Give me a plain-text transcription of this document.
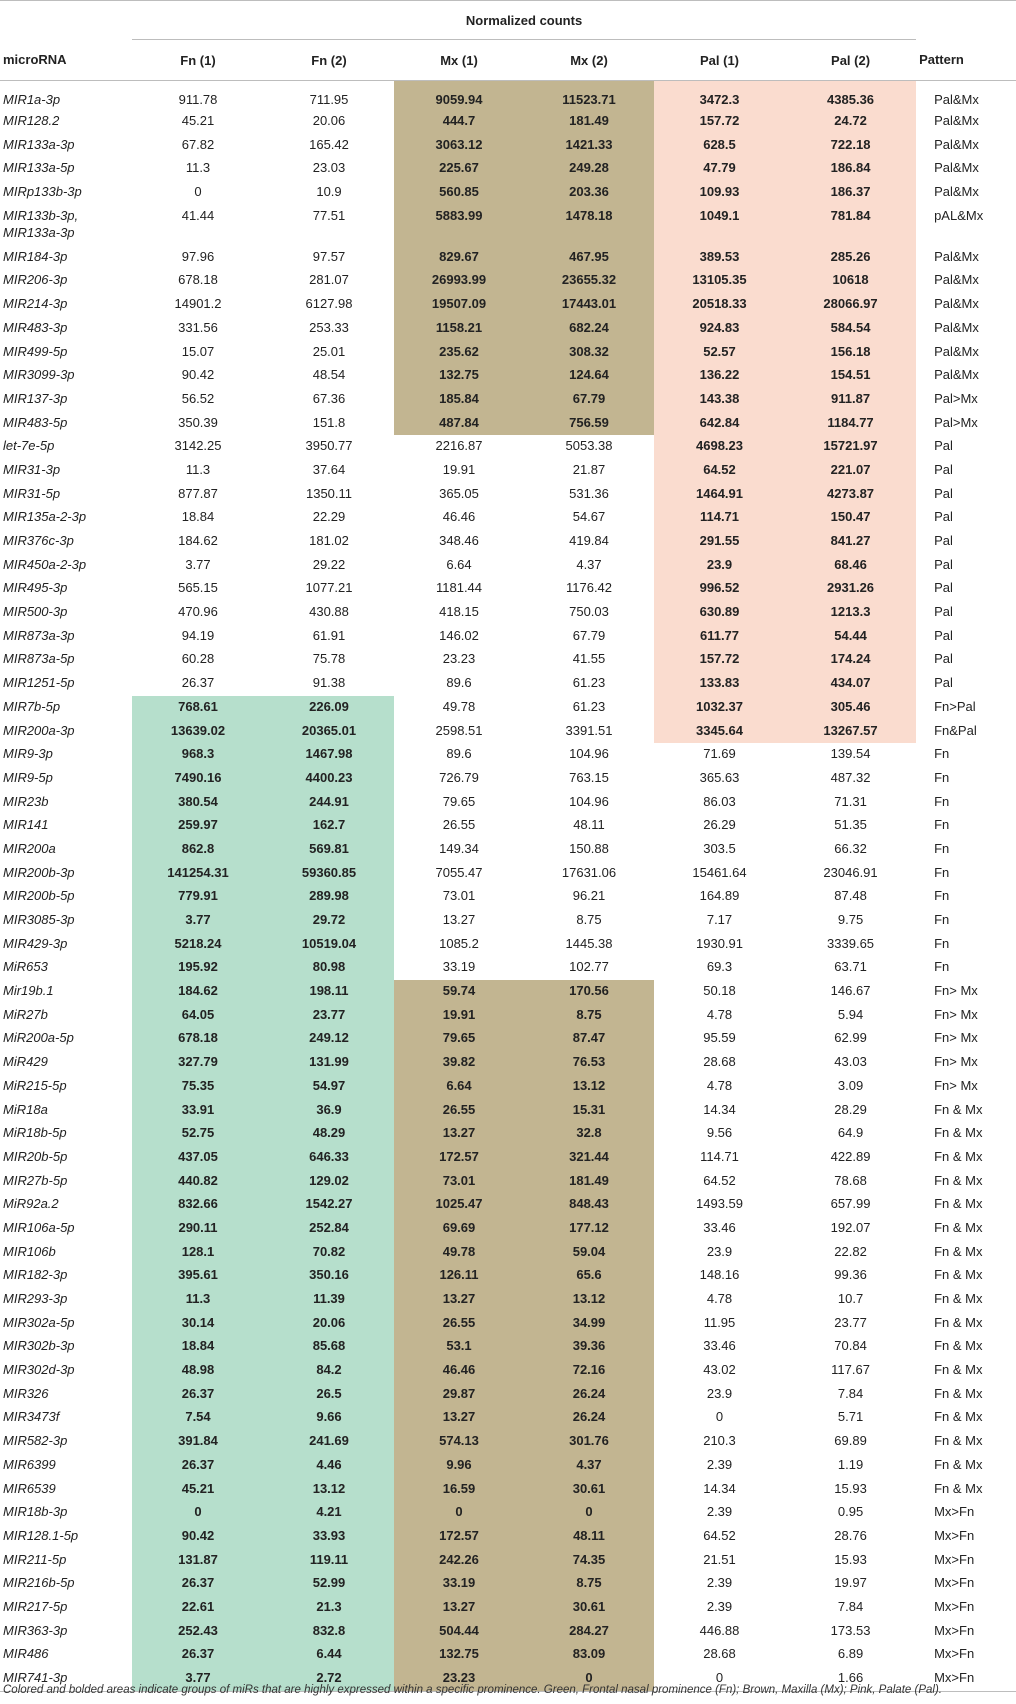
	Normalized counts						
microRNA	Fn (1)	Fn (2)	Mx (1)	Mx (2)	Pal (1)	Pal (2)	Pattern
MIR1a-3p	911.78	711.95	9059.94	11523.71	3472.3	4385.36	Pal&Mx
MIR128.2	45.21	20.06	444.7	181.49	157.72	24.72	Pal&Mx
MIR133a-3p	67.82	165.42	3063.12	1421.33	628.5	722.18	Pal&Mx
MIR133a-5p	11.3	23.03	225.67	249.28	47.79	186.84	Pal&Mx
MIRp133b-3p	0	10.9	560.85	203.36	109.93	186.37	Pal&Mx
MIR133b-3p, MIR133a-3p	41.44	77.51	5883.99	1478.18	1049.1	781.84	pAL&Mx
MIR184-3p	97.96	97.57	829.67	467.95	389.53	285.26	Pal&Mx
MIR206-3p	678.18	281.07	26993.99	23655.32	13105.35	10618	Pal&Mx
MIR214-3p	14901.2	6127.98	19507.09	17443.01	20518.33	28066.97	Pal&Mx
MIR483-3p	331.56	253.33	1158.21	682.24	924.83	584.54	Pal&Mx
MIR499-5p	15.07	25.01	235.62	308.32	52.57	156.18	Pal&Mx
MIR3099-3p	90.42	48.54	132.75	124.64	136.22	154.51	Pal&Mx
MIR137-3p	56.52	67.36	185.84	67.79	143.38	911.87	Pal>Mx
MIR483-5p	350.39	151.8	487.84	756.59	642.84	1184.77	Pal>Mx
let-7e-5p	3142.25	3950.77	2216.87	5053.38	4698.23	15721.97	Pal
MIR31-3p	11.3	37.64	19.91	21.87	64.52	221.07	Pal
MIR31-5p	877.87	1350.11	365.05	531.36	1464.91	4273.87	Pal
MIR135a-2-3p	18.84	22.29	46.46	54.67	114.71	150.47	Pal
MIR376c-3p	184.62	181.02	348.46	419.84	291.55	841.27	Pal
MIR450a-2-3p	3.77	29.22	6.64	4.37	23.9	68.46	Pal
MIR495-3p	565.15	1077.21	1181.44	1176.42	996.52	2931.26	Pal
MIR500-3p	470.96	430.88	418.15	750.03	630.89	1213.3	Pal
MIR873a-3p	94.19	61.91	146.02	67.79	611.77	54.44	Pal
MIR873a-5p	60.28	75.78	23.23	41.55	157.72	174.24	Pal
MIR1251-5p	26.37	91.38	89.6	61.23	133.83	434.07	Pal
MIR7b-5p	768.61	226.09	49.78	61.23	1032.37	305.46	Fn>Pal
MIR200a-3p	13639.02	20365.01	2598.51	3391.51	3345.64	13267.57	Fn&Pal
MIR9-3p	968.3	1467.98	89.6	104.96	71.69	139.54	Fn
MIR9-5p	7490.16	4400.23	726.79	763.15	365.63	487.32	Fn
MIR23b	380.54	244.91	79.65	104.96	86.03	71.31	Fn
MIR141	259.97	162.7	26.55	48.11	26.29	51.35	Fn
MIR200a	862.8	569.81	149.34	150.88	303.5	66.32	Fn
MIR200b-3p	141254.31	59360.85	7055.47	17631.06	15461.64	23046.91	Fn
MIR200b-5p	779.91	289.98	73.01	96.21	164.89	87.48	Fn
MIR3085-3p	3.77	29.72	13.27	8.75	7.17	9.75	Fn
MIR429-3p	5218.24	10519.04	1085.2	1445.38	1930.91	3339.65	Fn
MiR653	195.92	80.98	33.19	102.77	69.3	63.71	Fn
Mir19b.1	184.62	198.11	59.74	170.56	50.18	146.67	Fn> Mx
MiR27b	64.05	23.77	19.91	8.75	4.78	5.94	Fn> Mx
MiR200a-5p	678.18	249.12	79.65	87.47	95.59	62.99	Fn> Mx
MiR429	327.79	131.99	39.82	76.53	28.68	43.03	Fn> Mx
MiR215-5p	75.35	54.97	6.64	13.12	4.78	3.09	Fn> Mx
MiR18a	33.91	36.9	26.55	15.31	14.34	28.29	Fn & Mx
MiR18b-5p	52.75	48.29	13.27	32.8	9.56	64.9	Fn & Mx
MIR20b-5p	437.05	646.33	172.57	321.44	114.71	422.89	Fn & Mx
MIR27b-5p	440.82	129.02	73.01	181.49	64.52	78.68	Fn & Mx
MiR92a.2	832.66	1542.27	1025.47	848.43	1493.59	657.99	Fn & Mx
MIR106a-5p	290.11	252.84	69.69	177.12	33.46	192.07	Fn & Mx
MIR106b	128.1	70.82	49.78	59.04	23.9	22.82	Fn & Mx
MIR182-3p	395.61	350.16	126.11	65.6	148.16	99.36	Fn & Mx
MIR293-3p	11.3	11.39	13.27	13.12	4.78	10.7	Fn & Mx
MIR302a-5p	30.14	20.06	26.55	34.99	11.95	23.77	Fn & Mx
MIR302b-3p	18.84	85.68	53.1	39.36	33.46	70.84	Fn & Mx
MIR302d-3p	48.98	84.2	46.46	72.16	43.02	117.67	Fn & Mx
MIR326	26.37	26.5	29.87	26.24	23.9	7.84	Fn & Mx
MIR3473f	7.54	9.66	13.27	26.24	0	5.71	Fn & Mx
MIR582-3p	391.84	241.69	574.13	301.76	210.3	69.89	Fn & Mx
MIR6399	26.37	4.46	9.96	4.37	2.39	1.19	Fn & Mx
MIR6539	45.21	13.12	16.59	30.61	14.34	15.93	Fn & Mx
MIR18b-3p	0	4.21	0	0	2.39	0.95	Mx>Fn
MIR128.1-5p	90.42	33.93	172.57	48.11	64.52	28.76	Mx>Fn
MIR211-5p	131.87	119.11	242.26	74.35	21.51	15.93	Mx>Fn
MIR216b-5p	26.37	52.99	33.19	8.75	2.39	19.97	Mx>Fn
MIR217-5p	22.61	21.3	13.27	30.61	2.39	7.84	Mx>Fn
MIR363-3p	252.43	832.8	504.44	284.27	446.88	173.53	Mx>Fn
MIR486	26.37	6.44	132.75	83.09	28.68	6.89	Mx>Fn
MIR741-3p	3.77	2.72	23.23	0	0	1.66	Mx>Fn
Colored and bolded areas indicate groups of miRs that are highly expressed within a specific prominence. Green, Frontal nasal prominence (Fn); Brown, Maxilla (Mx); Pink, Palate (Pal).
